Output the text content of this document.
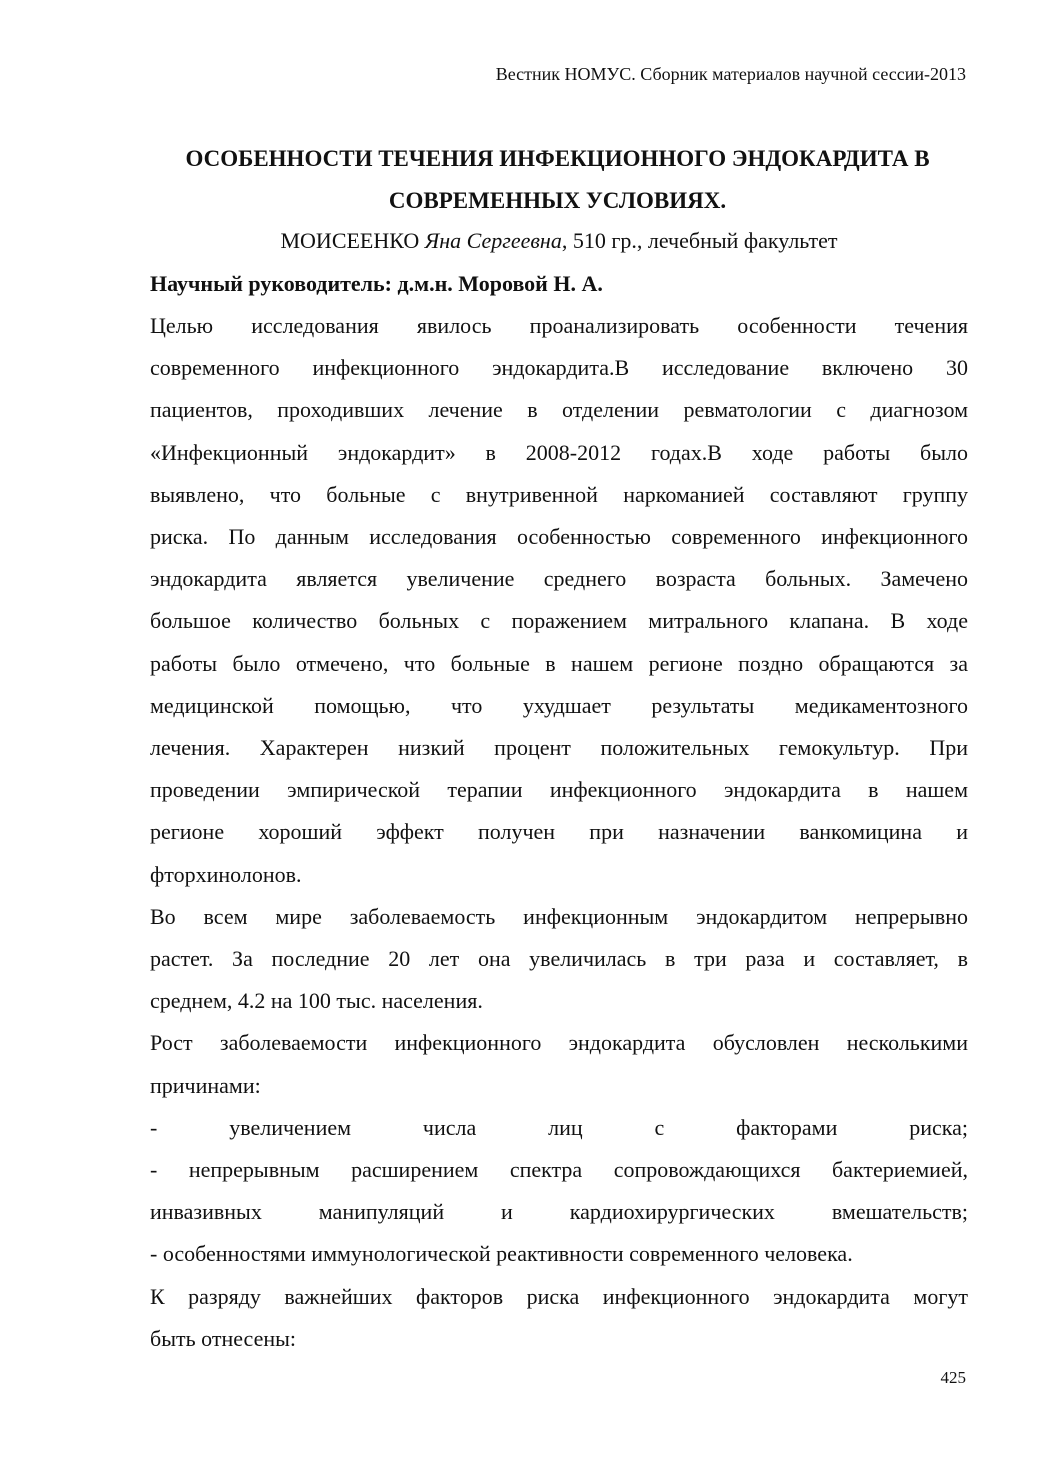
Вестник НОМУС. Сборник материалов научной сессии-2013
ОСОБЕННОСТИ ТЕЧЕНИЯ ИНФЕКЦИОННОГО ЭНДОКАРДИТА В
СОВРЕМЕННЫХ УСЛОВИЯХ.
МОИСЕЕНКО Яна Сергеевна, 510 гр., лечебный факультет
Научный руководитель: д.м.н. Моровой Н. А.
Целью исследования явилось проанализировать особенности течения
современного инфекционного эндокардита.В исследование включено 30
пациентов, проходивших лечение в отделении ревматологии с диагнозом
«Инфекционный эндокардит» в 2008-2012 годах.В ходе работы было
выявлено, что больные с внутривенной наркоманией составляют группу
риска. По данным исследования особенностью современного инфекционного
эндокардита является увеличение среднего возраста больных. Замечено
большое количество больных с поражением митрального клапана. В ходе
работы было отмечено, что больные в нашем регионе поздно обращаются за
медицинской помощью, что ухудшает результаты медикаментозного
лечения. Характерен низкий процент положительных гемокультур. При
проведении эмпирической терапии инфекционного эндокардита в нашем
регионе хороший эффект получен при назначении ванкомицина и
фторхинолонов.
Во всем мире заболеваемость инфекционным эндокардитом непрерывно
растет. За последние 20 лет она увеличилась в три раза и составляет, в
среднем, 4.2 на 100 тыс. населения.
Рост заболеваемости инфекционного эндокардита обусловлен несколькими
причинами:
- увеличением числа лиц с факторами риска;
- непрерывным расширением спектра сопровождающихся бактериемией,
инвазивных манипуляций и кардиохирургических вмешательств;
- особенностями иммунологической реактивности современного человека.
К разряду важнейших факторов риска инфекционного эндокардита могут
быть отнесены:
425
